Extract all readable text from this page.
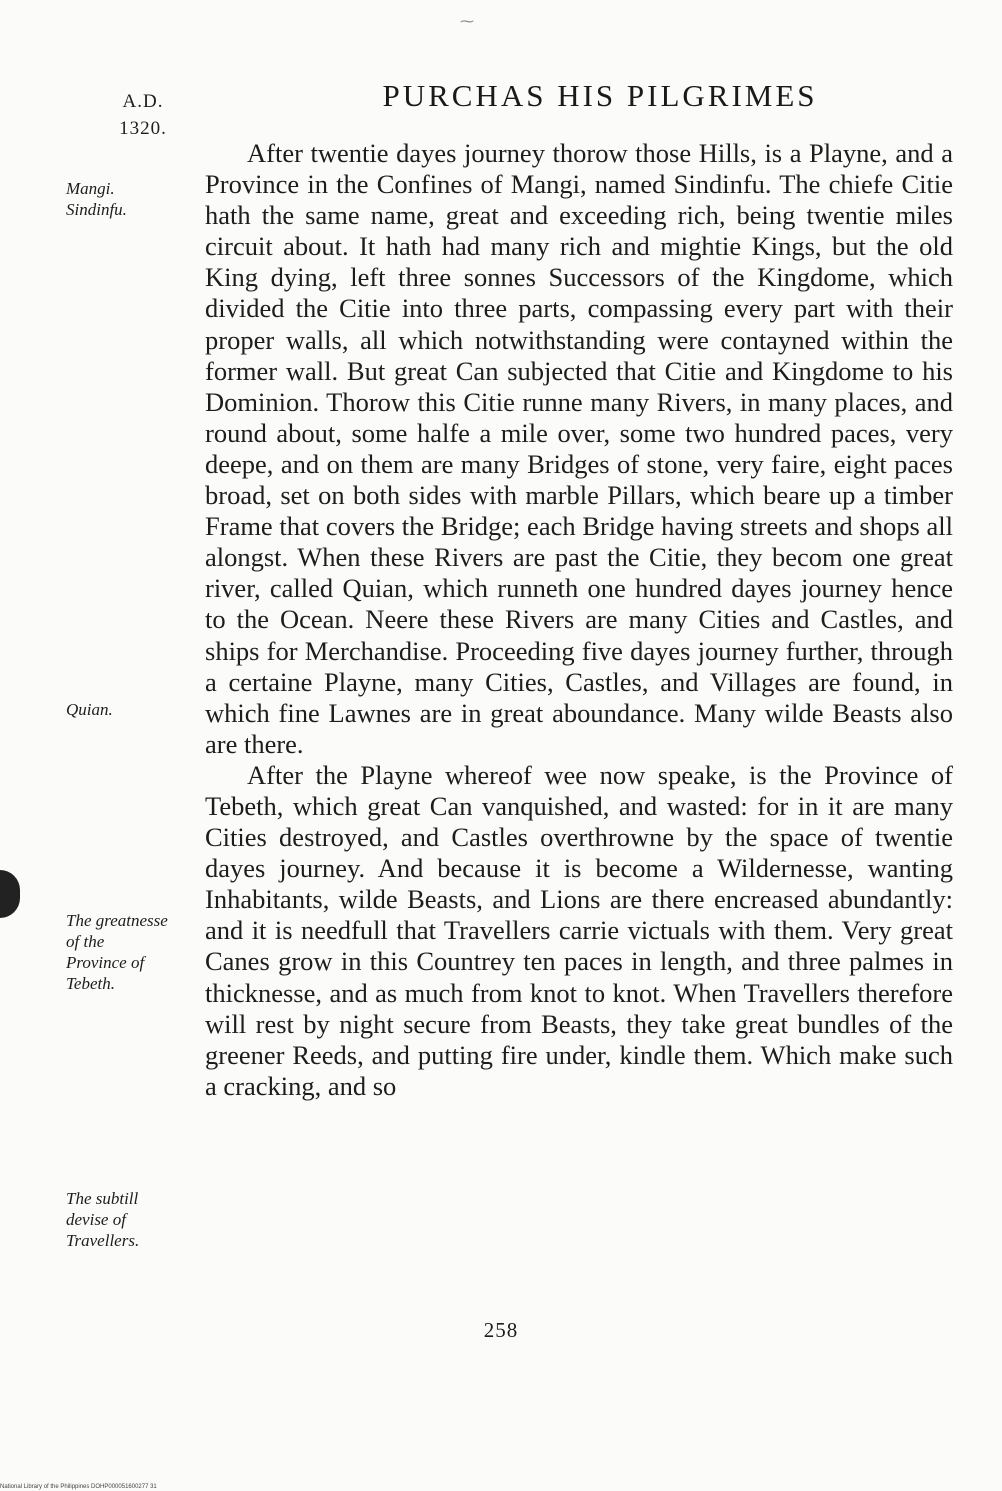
⁓
A.D.
1320.
PURCHAS HIS PILGRIMES
Mangi.
Sindinfu.
Quian.
The greatnesse
of the
Province of
Tebeth.
The subtill
devise of
Travellers.

After twentie dayes journey thorow those Hills, is a Playne, and a Province in the Confines of Mangi, named Sindinfu. The chiefe Citie hath the same name, great and exceeding rich, being twentie miles circuit about. It hath had many rich and mightie Kings, but the old King dying, left three sonnes Successors of the Kingdome, which divided the Citie into three parts, compassing every part with their proper walls, all which notwithstanding were contayned within the former wall. But great Can subjected that Citie and Kingdome to his Dominion. Thorow this Citie runne many Rivers, in many places, and round about, some halfe a mile over, some two hundred paces, very deepe, and on them are many Bridges of stone, very faire, eight paces broad, set on both sides with marble Pillars, which beare up a timber Frame that covers the Bridge; each Bridge having streets and shops all alongst. When these Rivers are past the Citie, they becom one great river, called Quian, which runneth one hundred dayes journey hence to the Ocean. Neere these Rivers are many Cities and Castles, and ships for Merchandise. Proceeding five dayes journey further, through a certaine Playne, many Cities, Castles, and Villages are found, in which fine Lawnes are in great aboundance. Many wilde Beasts also are there.

After the Playne whereof wee now speake, is the Province of Tebeth, which great Can vanquished, and wasted: for in it are many Cities destroyed, and Castles overthrowne by the space of twentie dayes journey. And because it is become a Wildernesse, wanting Inhabitants, wilde Beasts, and Lions are there encreased abundantly: and it is needfull that Travellers carrie victuals with them. Very great Canes grow in this Countrey ten paces in length, and three palmes in thicknesse, and as much from knot to knot. When Travellers therefore will rest by night secure from Beasts, they take great bundles of the greener Reeds, and putting fire under, kindle them. Which make such a cracking, and so

258
National Library of the Philippines DOHP000051600277 31
